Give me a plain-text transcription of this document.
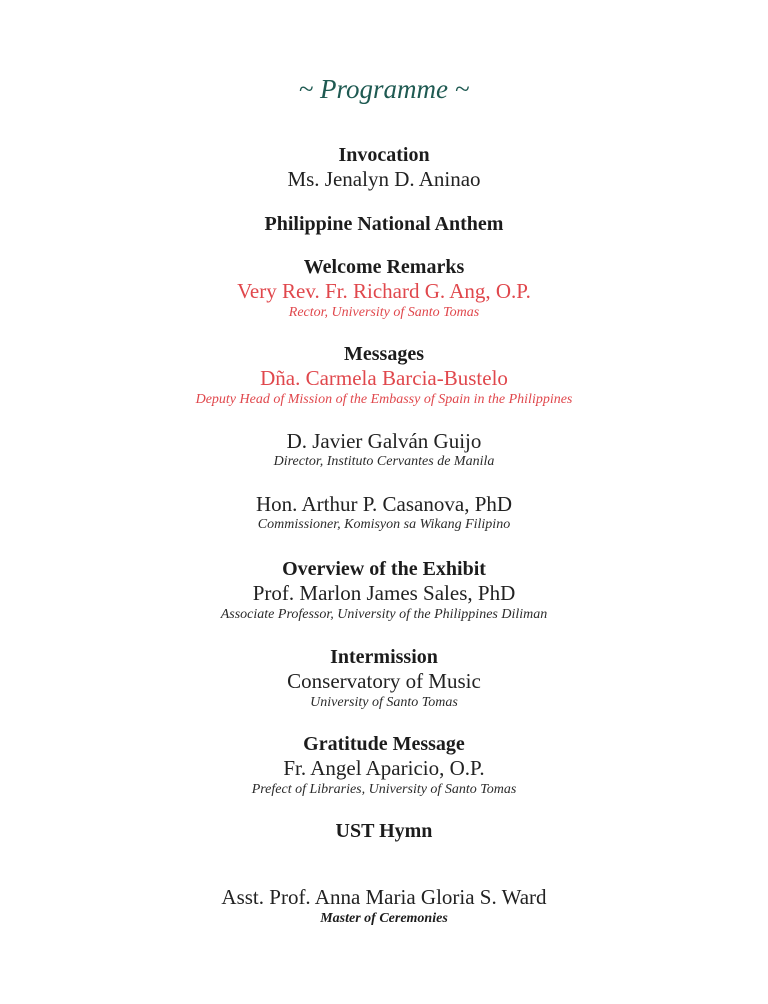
~ Programme ~
Invocation
Ms. Jenalyn D. Aninao
Philippine National Anthem
Welcome Remarks
Very Rev. Fr. Richard G. Ang, O.P.
Rector, University of Santo Tomas
Messages
Dña. Carmela Barcia-Bustelo
Deputy Head of Mission of the Embassy of Spain in the Philippines
D. Javier Galván Guijo
Director, Instituto Cervantes de Manila
Hon. Arthur P. Casanova, PhD
Commissioner, Komisyon sa Wikang Filipino
Overview of the Exhibit
Prof. Marlon James Sales, PhD
Associate Professor, University of the Philippines Diliman
Intermission
Conservatory of Music
University of Santo Tomas
Gratitude Message
Fr. Angel Aparicio, O.P.
Prefect of Libraries, University of Santo Tomas
UST Hymn
Asst. Prof. Anna Maria Gloria S. Ward
Master of Ceremonies
